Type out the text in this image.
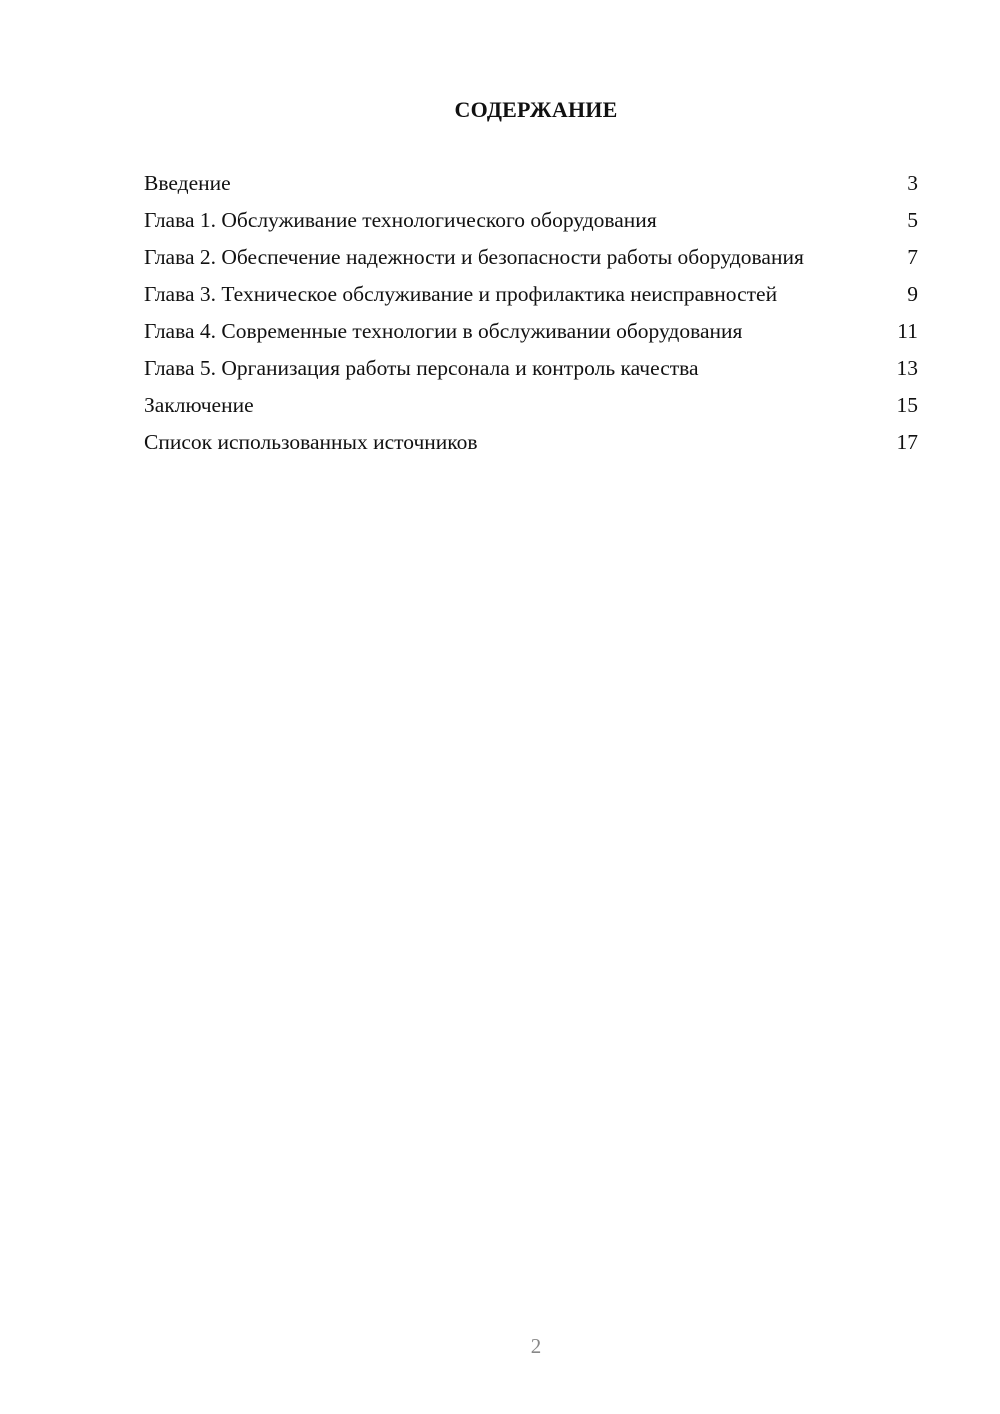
СОДЕРЖАНИЕ
Введение	3
Глава 1. Обслуживание технологического оборудования	5
Глава 2. Обеспечение надежности и безопасности работы оборудования	7
Глава 3. Техническое обслуживание и профилактика неисправностей	9
Глава 4. Современные технологии в обслуживании оборудования	11
Глава 5. Организация работы персонала и контроль качества	13
Заключение	15
Список использованных источников	17
2
